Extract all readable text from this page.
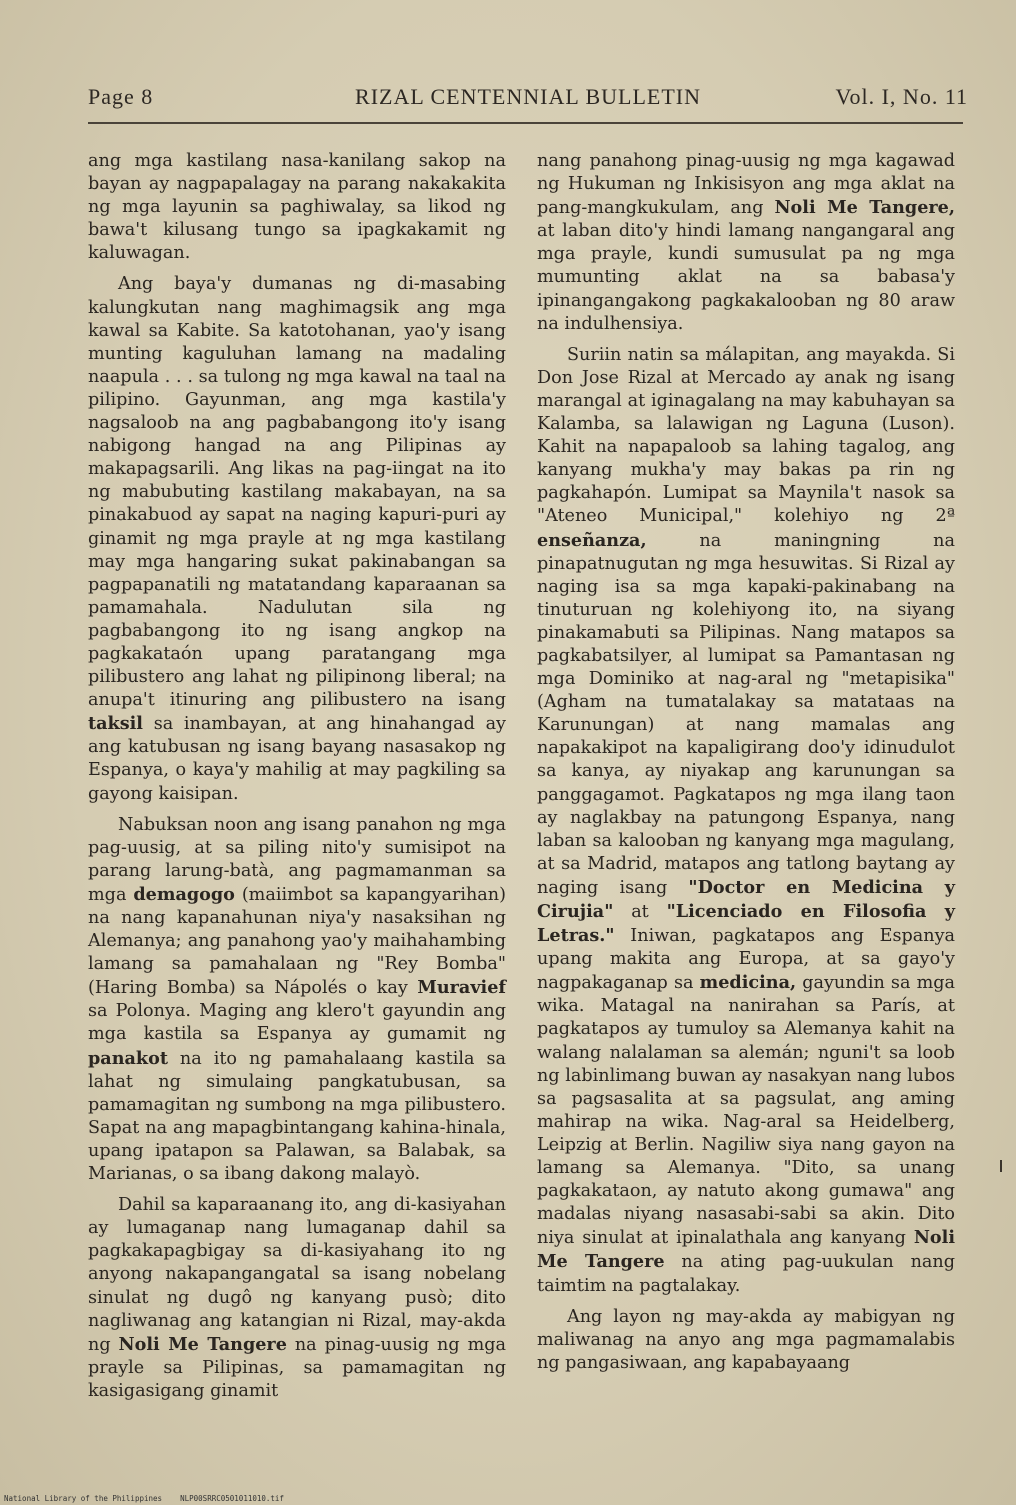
Page 8	RIZAL CENTENNIAL BULLETIN	Vol. I, No. 11

ang mga kastilang nasa-kanilang sakop na bayan ay nagpapalagay na parang nakakakita ng mga layunin sa paghiwalay, sa likod ng bawa't kilusang tungo sa ipagkakamit ng kaluwagan.

Ang baya'y dumanas ng di-masabing kalungkutan nang maghimagsik ang mga kawal sa Kabite. Sa katotohanan, yao'y isang munting kaguluhan lamang na madaling naapula . . . sa tulong ng mga kawal na taal na pilipino. Gayunman, ang mga kastila'y nagsaloob na ang pagbabangong ito'y isang nabigong hangad na ang Pilipinas ay makapagsarili. Ang likas na pag-iingat na ito ng mabubuting kastilang makabayan, na sa pinakabuod ay sapat na naging kapuri-puri ay ginamit ng mga prayle at ng mga kastilang may mga hangaring sukat pakinabangan sa pagpapanatili ng matatandang kaparaanan sa pamamahala. Nadulutan sila ng pagbabangong ito ng isang angkop na pagkakataón upang paratangang mga pilibustero ang lahat ng pilipinong liberal; na anupa't itinuring ang pilibustero na isang taksil sa inambayan, at ang hinahangad ay ang katubusan ng isang bayang nasasakop ng Espanya, o kaya'y mahilig at may pagkiling sa gayong kaisipan.

Nabuksan noon ang isang panahon ng mga pag-uusig, at sa piling nito'y sumisipot na parang larung-batà, ang pagmamanman sa mga demagogo (maiimbot sa kapangyarihan) na nang kapanahunan niya'y nasaksihan ng Alemanya; ang panahong yao'y maihahambing lamang sa pamahalaan ng "Rey Bomba" (Haring Bomba) sa Nápolés o kay Muravief sa Polonya. Maging ang klero't gayundin ang mga kastila sa Espanya ay gumamit ng panakot na ito ng pamahalaang kastila sa lahat ng simulaing pangkatubusan, sa pamamagitan ng sumbong na mga pilibustero. Sapat na ang mapagbintangang kahina-hinala, upang ipatapon sa Palawan, sa Balabak, sa Marianas, o sa ibang dakong malayò.

Dahil sa kaparaanang ito, ang di-kasiyahan ay lumaganap nang lumaganap dahil sa pagkakapagbigay sa di-kasiyahang ito ng anyong nakapangangatal sa isang nobelang sinulat ng dugô ng kanyang pusò; dito nagliwanag ang katangian ni Rizal, may-akda ng Noli Me Tangere na pinag-uusig ng mga prayle sa Pilipinas, sa pamamagitan ng kasigasigang ginamit

nang panahong pinag-uusig ng mga kagawad ng Hukuman ng Inkisisyon ang mga aklat na pang-mangkukulam, ang Noli Me Tangere, at laban dito'y hindi lamang nangangaral ang mga prayle, kundi sumusulat pa ng mga mumunting aklat na sa babasa'y ipinangangakong pagkakalooban ng 80 araw na indulhensiya.

Suriin natin sa málapitan, ang mayakda. Si Don Jose Rizal at Mercado ay anak ng isang marangal at iginagalang na may kabuhayan sa Kalamba, sa lalawigan ng Laguna (Luson). Kahit na napapaloob sa lahing tagalog, ang kanyang mukha'y may bakas pa rin ng pagkahapón. Lumipat sa Maynila't nasok sa "Ateneo Municipal," kolehiyo ng 2ª enseñanza, na maningning na pinapatnugutan ng mga hesuwitas. Si Rizal ay naging isa sa mga kapaki-pakinabang na tinuturuan ng kolehiyong ito, na siyang pinakamabuti sa Pilipinas. Nang matapos sa pagkabatsilyer, al lumipat sa Pamantasan ng mga Dominiko at nag-aral ng "metapisika" (Agham na tumatalakay sa matataas na Karunungan) at nang mamalas ang napakakipot na kapaligirang doo'y idinudulot sa kanya, ay niyakap ang karunungan sa panggagamot. Pagkatapos ng mga ilang taon ay naglakbay na patungong Espanya, nang laban sa kalooban ng kanyang mga magulang, at sa Madrid, matapos ang tatlong baytang ay naging isang "Doctor en Medicina y Cirujia" at "Licenciado en Filosofia y Letras." Iniwan, pagkatapos ang Espanya upang makita ang Europa, at sa gayo'y nagpakaganap sa medicina, gayundin sa mga wika. Matagal na nanirahan sa París, at pagkatapos ay tumuloy sa Alemanya kahit na walang nalalaman sa alemán; nguni't sa loob ng labinlimang buwan ay nasakyan nang lubos sa pagsasalita at sa pagsulat, ang aming mahirap na wika. Nag-aral sa Heidelberg, Leipzig at Berlin. Nagiliw siya nang gayon na lamang sa Alemanya. "Dito, sa unang pagkakataon, ay natuto akong gumawa" ang madalas niyang nasasabi-sabi sa akin. Dito niya sinulat at ipinalathala ang kanyang Noli Me Tangere na ating pag-uukulan nang taimtim na pagtalakay.

Ang layon ng may-akda ay mabigyan ng maliwanag na anyo ang mga pagmamalabis ng pangasiwaan, ang kapabayaang

National Library of the Philippines NLP00SRRC0501011010.tif
